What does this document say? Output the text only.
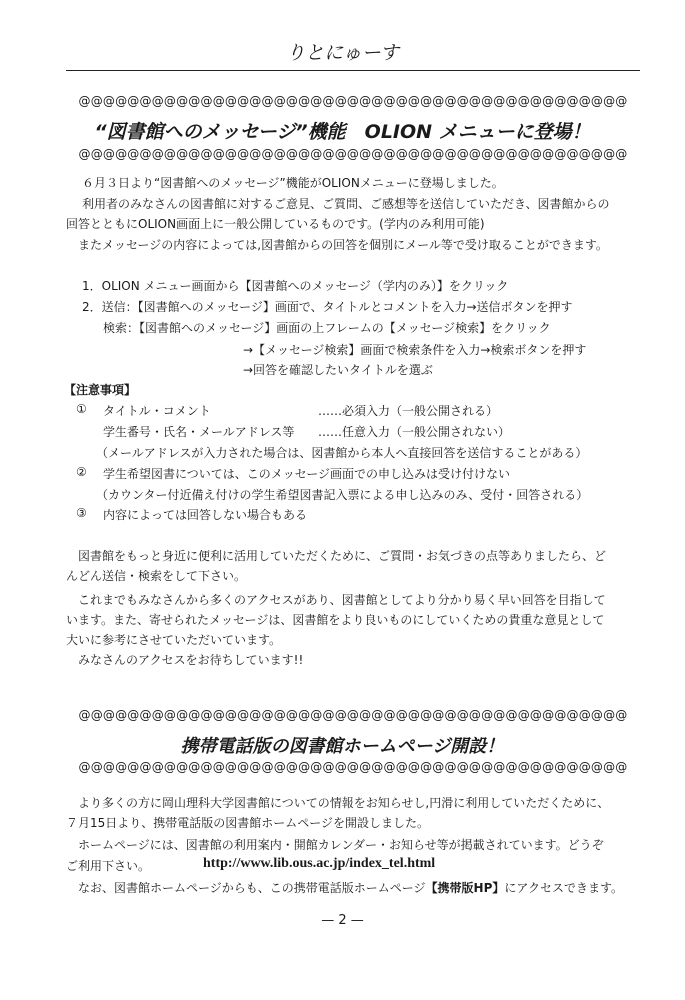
りとにゅーす
@@@@@@@@@@@@@@@@@@@@@@@@@@@@@@@@@@@@@@@@@@@@@
“図書館へのメッセージ”機能　OLION メニューに登場！
@@@@@@@@@@@@@@@@@@@@@@@@@@@@@@@@@@@@@@@@@@@@@
６月３日より“図書館へのメッセージ”機能がOLIONメニューに登場しました。
利用者のみなさんの図書館に対するご意見、ご質問、ご感想等を送信していただき、図書館からの
回答とともにOLION画面上に一般公開しているものです。(学内のみ利用可能)
またメッセージの内容によっては,図書館からの回答を個別にメール等で受け取ることができます。
1．OLION メニュー画面から【図書館へのメッセージ（学内のみ）】をクリック
2．送信：【図書館へのメッセージ】画面で、タイトルとコメントを入力→送信ボタンを押す
検索：【図書館へのメッセージ】画面の上フレームの【メッセージ検索】をクリック
→【メッセージ検索】画面で検索条件を入力→検索ボタンを押す
→回答を確認したいタイトルを選ぶ
【注意事項】
① タイトル・コメント	……必須入力（一般公開される）
学生番号・氏名・メールアドレス等 ……任意入力（一般公開されない）
（メールアドレスが入力された場合は、図書館から本人へ直接回答を送信することがある）
② 学生希望図書については、このメッセージ画面での申し込みは受け付けない
（カウンター付近備え付けの学生希望図書記入票による申し込みのみ、受付・回答される）
③ 内容によっては回答しない場合もある
図書館をもっと身近に便利に活用していただくために、ご質問・お気づきの点等ありましたら、ど
んどん送信・検索をして下さい。
これまでもみなさんから多くのアクセスがあり、図書館としてより分かり易く早い回答を目指して
います。また、寄せられたメッセージは、図書館をより良いものにしていくための貴重な意見として
大いに参考にさせていただいています。
みなさんのアクセスをお待ちしています!!
@@@@@@@@@@@@@@@@@@@@@@@@@@@@@@@@@@@@@@@@@@@@@
携帯電話版の図書館ホームページ開設！
@@@@@@@@@@@@@@@@@@@@@@@@@@@@@@@@@@@@@@@@@@@@@
より多くの方に岡山理科大学図書館についての情報をお知らせし,円滑に利用していただくために、
７月15日より、携帯電話版の図書館ホームページを開設しました。
ホームページには、図書館の利用案内・開館カレンダー・お知らせ等が掲載されています。どうぞ
ご利用下さい。	http://www.lib.ous.ac.jp/index_tel.html
なお、図書館ホームページからも、この携帯電話版ホームページ【携帯版HP】にアクセスできます。
— 2 —
